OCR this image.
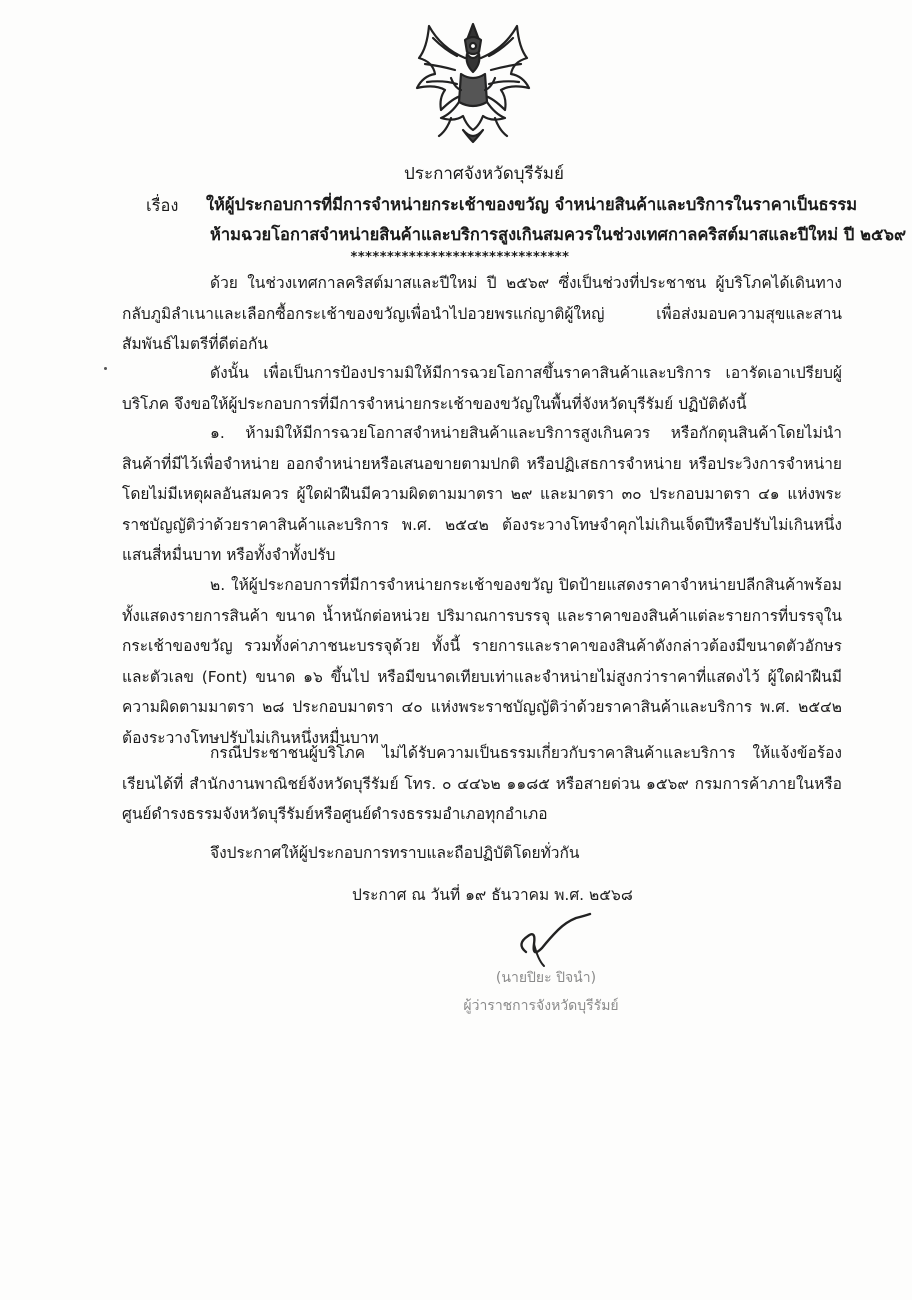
ประกาศจังหวัดบุรีรัมย์
เรื่อง ให้ผู้ประกอบการที่มีการจำหน่ายกระเช้าของขวัญ จำหน่ายสินค้าและบริการในราคาเป็นธรรม
ห้ามฉวยโอกาสจำหน่ายสินค้าและบริการสูงเกินสมควรในช่วงเทศกาลคริสต์มาสและปีใหม่ ปี ๒๕๖๙
******************************
ด้วย ในช่วงเทศกาลคริสต์มาสและปีใหม่ ปี ๒๕๖๙ ซึ่งเป็นช่วงที่ประชาชน ผู้บริโภคได้เดินทางกลับภูมิลำเนาและเลือกซื้อกระเช้าของขวัญเพื่อนำไปอวยพรแก่ญาติผู้ใหญ่ เพื่อส่งมอบความสุขและสานสัมพันธ์ไมตรีที่ดีต่อกัน
ดังนั้น เพื่อเป็นการป้องปรามมิให้มีการฉวยโอกาสขึ้นราคาสินค้าและบริการ เอารัดเอาเปรียบผู้บริโภค จึงขอให้ผู้ประกอบการที่มีการจำหน่ายกระเช้าของขวัญในพื้นที่จังหวัดบุรีรัมย์ ปฏิบัติดังนี้
๑. ห้ามมิให้มีการฉวยโอกาสจำหน่ายสินค้าและบริการสูงเกินควร หรือกักตุนสินค้าโดยไม่นำสินค้าที่มีไว้เพื่อจำหน่าย ออกจำหน่ายหรือเสนอขายตามปกติ หรือปฏิเสธการจำหน่าย หรือประวิงการจำหน่าย โดยไม่มีเหตุผลอันสมควร ผู้ใดฝ่าฝืนมีความผิดตามมาตรา ๒๙ และมาตรา ๓๐ ประกอบมาตรา ๔๑ แห่งพระราชบัญญัติว่าด้วยราคาสินค้าและบริการ พ.ศ. ๒๕๔๒ ต้องระวางโทษจำคุกไม่เกินเจ็ดปีหรือปรับไม่เกินหนึ่งแสนสี่หมื่นบาท หรือทั้งจำทั้งปรับ
๒. ให้ผู้ประกอบการที่มีการจำหน่ายกระเช้าของขวัญ ปิดป้ายแสดงราคาจำหน่ายปลีกสินค้าพร้อมทั้งแสดงรายการสินค้า ขนาด น้ำหนักต่อหน่วย ปริมาณการบรรจุ และราคาของสินค้าแต่ละรายการที่บรรจุในกระเช้าของขวัญ รวมทั้งค่าภาชนะบรรจุด้วย ทั้งนี้ รายการและราคาของสินค้าดังกล่าวต้องมีขนาดตัวอักษรและตัวเลข (Font) ขนาด ๑๖ ขึ้นไป หรือมีขนาดเทียบเท่าและจำหน่ายไม่สูงกว่าราคาที่แสดงไว้ ผู้ใดฝ่าฝืนมีความผิดตามมาตรา ๒๘ ประกอบมาตรา ๔๐ แห่งพระราชบัญญัติว่าด้วยราคาสินค้าและบริการ พ.ศ. ๒๕๔๒ ต้องระวางโทษปรับไม่เกินหนึ่งหมื่นบาท
กรณีประชาชนผู้บริโภค ไม่ได้รับความเป็นธรรมเกี่ยวกับราคาสินค้าและบริการ ให้แจ้งข้อร้องเรียนได้ที่ สำนักงานพาณิชย์จังหวัดบุรีรัมย์ โทร. ๐ ๔๔๖๒ ๑๑๘๕ หรือสายด่วน ๑๕๖๙ กรมการค้าภายในหรือศูนย์ดำรงธรรมจังหวัดบุรีรัมย์หรือศูนย์ดำรงธรรมอำเภอทุกอำเภอ
จึงประกาศให้ผู้ประกอบการทราบและถือปฏิบัติโดยทั่วกัน
ประกาศ ณ วันที่ ๑๙ ธันวาคม พ.ศ. ๒๕๖๘
(นายปิยะ ปิจนำ)
ผู้ว่าราชการจังหวัดบุรีรัมย์
